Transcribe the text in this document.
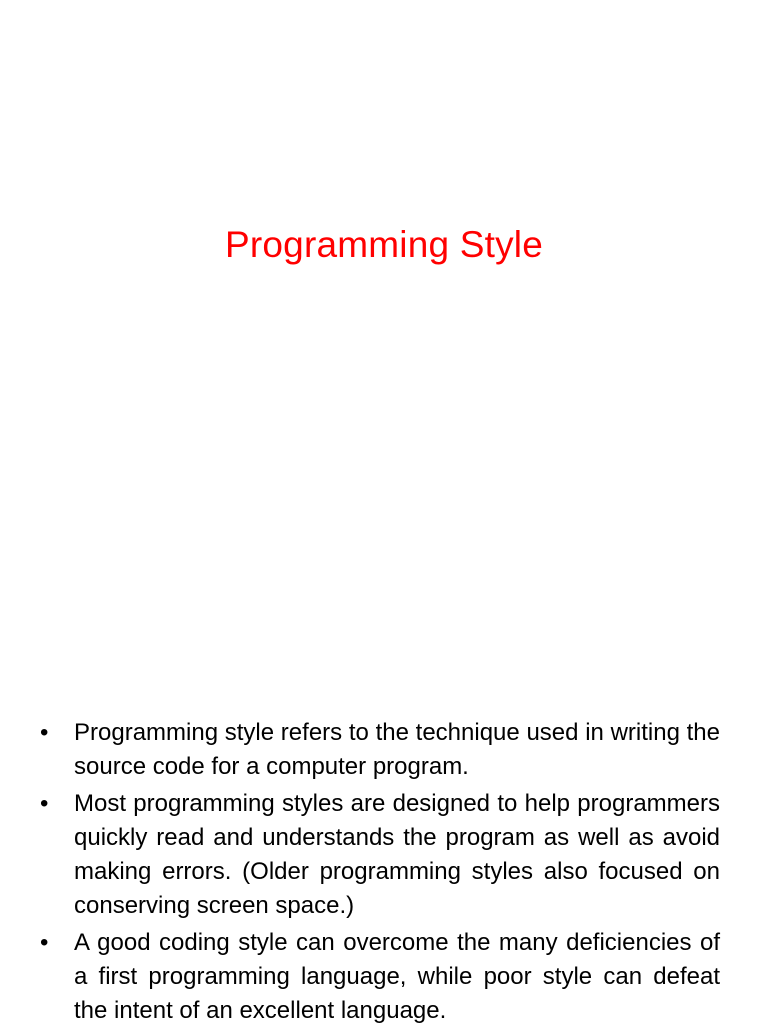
Programming Style
• Programming style refers to the technique used in writing the source code for a computer program.
• Most programming styles are designed to help programmers quickly read and understands the program as well as avoid making errors. (Older programming styles also focused on conserving screen space.)
• A good coding style can overcome the many deficiencies of a first programming language, while poor style can defeat the intent of an excellent language.
